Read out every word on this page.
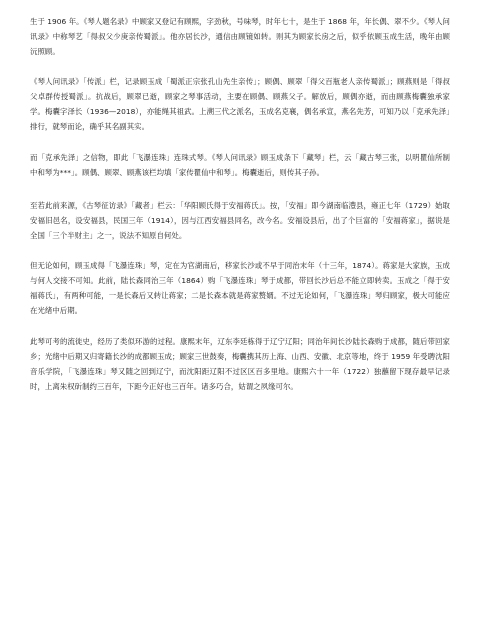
生于 1906 年。《琴人题名录》中顾家又登记有顾熙，字劲秋，号味琴，时年七十，是生于 1868 年，年长偶、翠不少。《琴人问讯录》中称琴艺「得叔父少庚亲传蜀派」。他亦居长沙，通信由顾镜如转。则其为顾家长房之后，似乎依顾玉成生活，晚年由顾沅照顾。

《琴人问讯录》「传派」栏，记录顾玉成「蜀派正宗张孔山先生亲传」；顾偶、顾翠「得父百瓶老人亲传蜀派」；顾燕则是「得叔父卓群传授蜀派」。抗战后，顾翠已逝，顾家之琴事活动，主要在顾偶、顾燕父子。解放后，顾偶亦逝，而由顾燕梅囊独承家学。梅囊字泽长（1936—2018），亦能绳其祖武。上溯三代之派名，玉成名克襄，偶名承宣，燕名先芳，可知乃以「克承先泽」排行，就琴而论，确乎其名副其实。

而「克承先泽」之信物，即此「飞瀑连珠」连珠式琴。《琴人问讯录》顾玉成条下「藏琴」栏，云「藏古琴三张，以明瞿仙所制中和琴为***」。顾偶、顾翠、顾燕该栏均填「家传瞿仙中和琴」。梅囊逝后，则传其子孙。

至若此前来源，《古琴征访录》「藏者」栏云：「华阳顾氏得于安福蒋氏」。按，「安福」即今湖南临澧县，雍正七年（1729）始取安福旧邑名，设安福县，民国三年（1914），因与江西安福县同名，改今名。安福设县后，出了个巨富的「安福蒋家」，据说是全国「三个半财主」之一，说法不知原自何处。

但无论如何，顾玉成得「飞瀑连珠」琴，定在为官湖南后，移家长沙或不早于同治末年（十三年，1874）。蒋家是大家族，玉成与何人交接不可知。此前，陆长森同治三年（1864）购「飞瀑连珠」琴于成都，带回长沙后总不能立即转卖。玉成之「得于安福蒋氏」，有两种可能，一是长森后又转让蒋家；二是长森本就是蒋家赘婿。不过无论如何，「飞瀑连珠」琴归顾家，极大可能应在光绪中后期。

此琴可考的流徙史，经历了类似环游的过程。康熙末年，辽东李廷栋得于辽宁辽阳；同治年间长沙陆长森购于成都，随后带回家乡；光绪中后期又归寄籍长沙的成都顾玉成；顾家三世鼓奏，梅囊携其历上海、山西、安徽、北京等地，终于 1959 年受聘沈阳音乐学院，「飞瀑连珠」琴又随之回到辽宁，而沈阳距辽阳不过区区百多里地。康熙六十一年（1722）独蘸留下现存最早记录时，上离朱权斫制约三百年，下距今正好也三百年。诸多巧合，姑谓之夙缘可尔。
